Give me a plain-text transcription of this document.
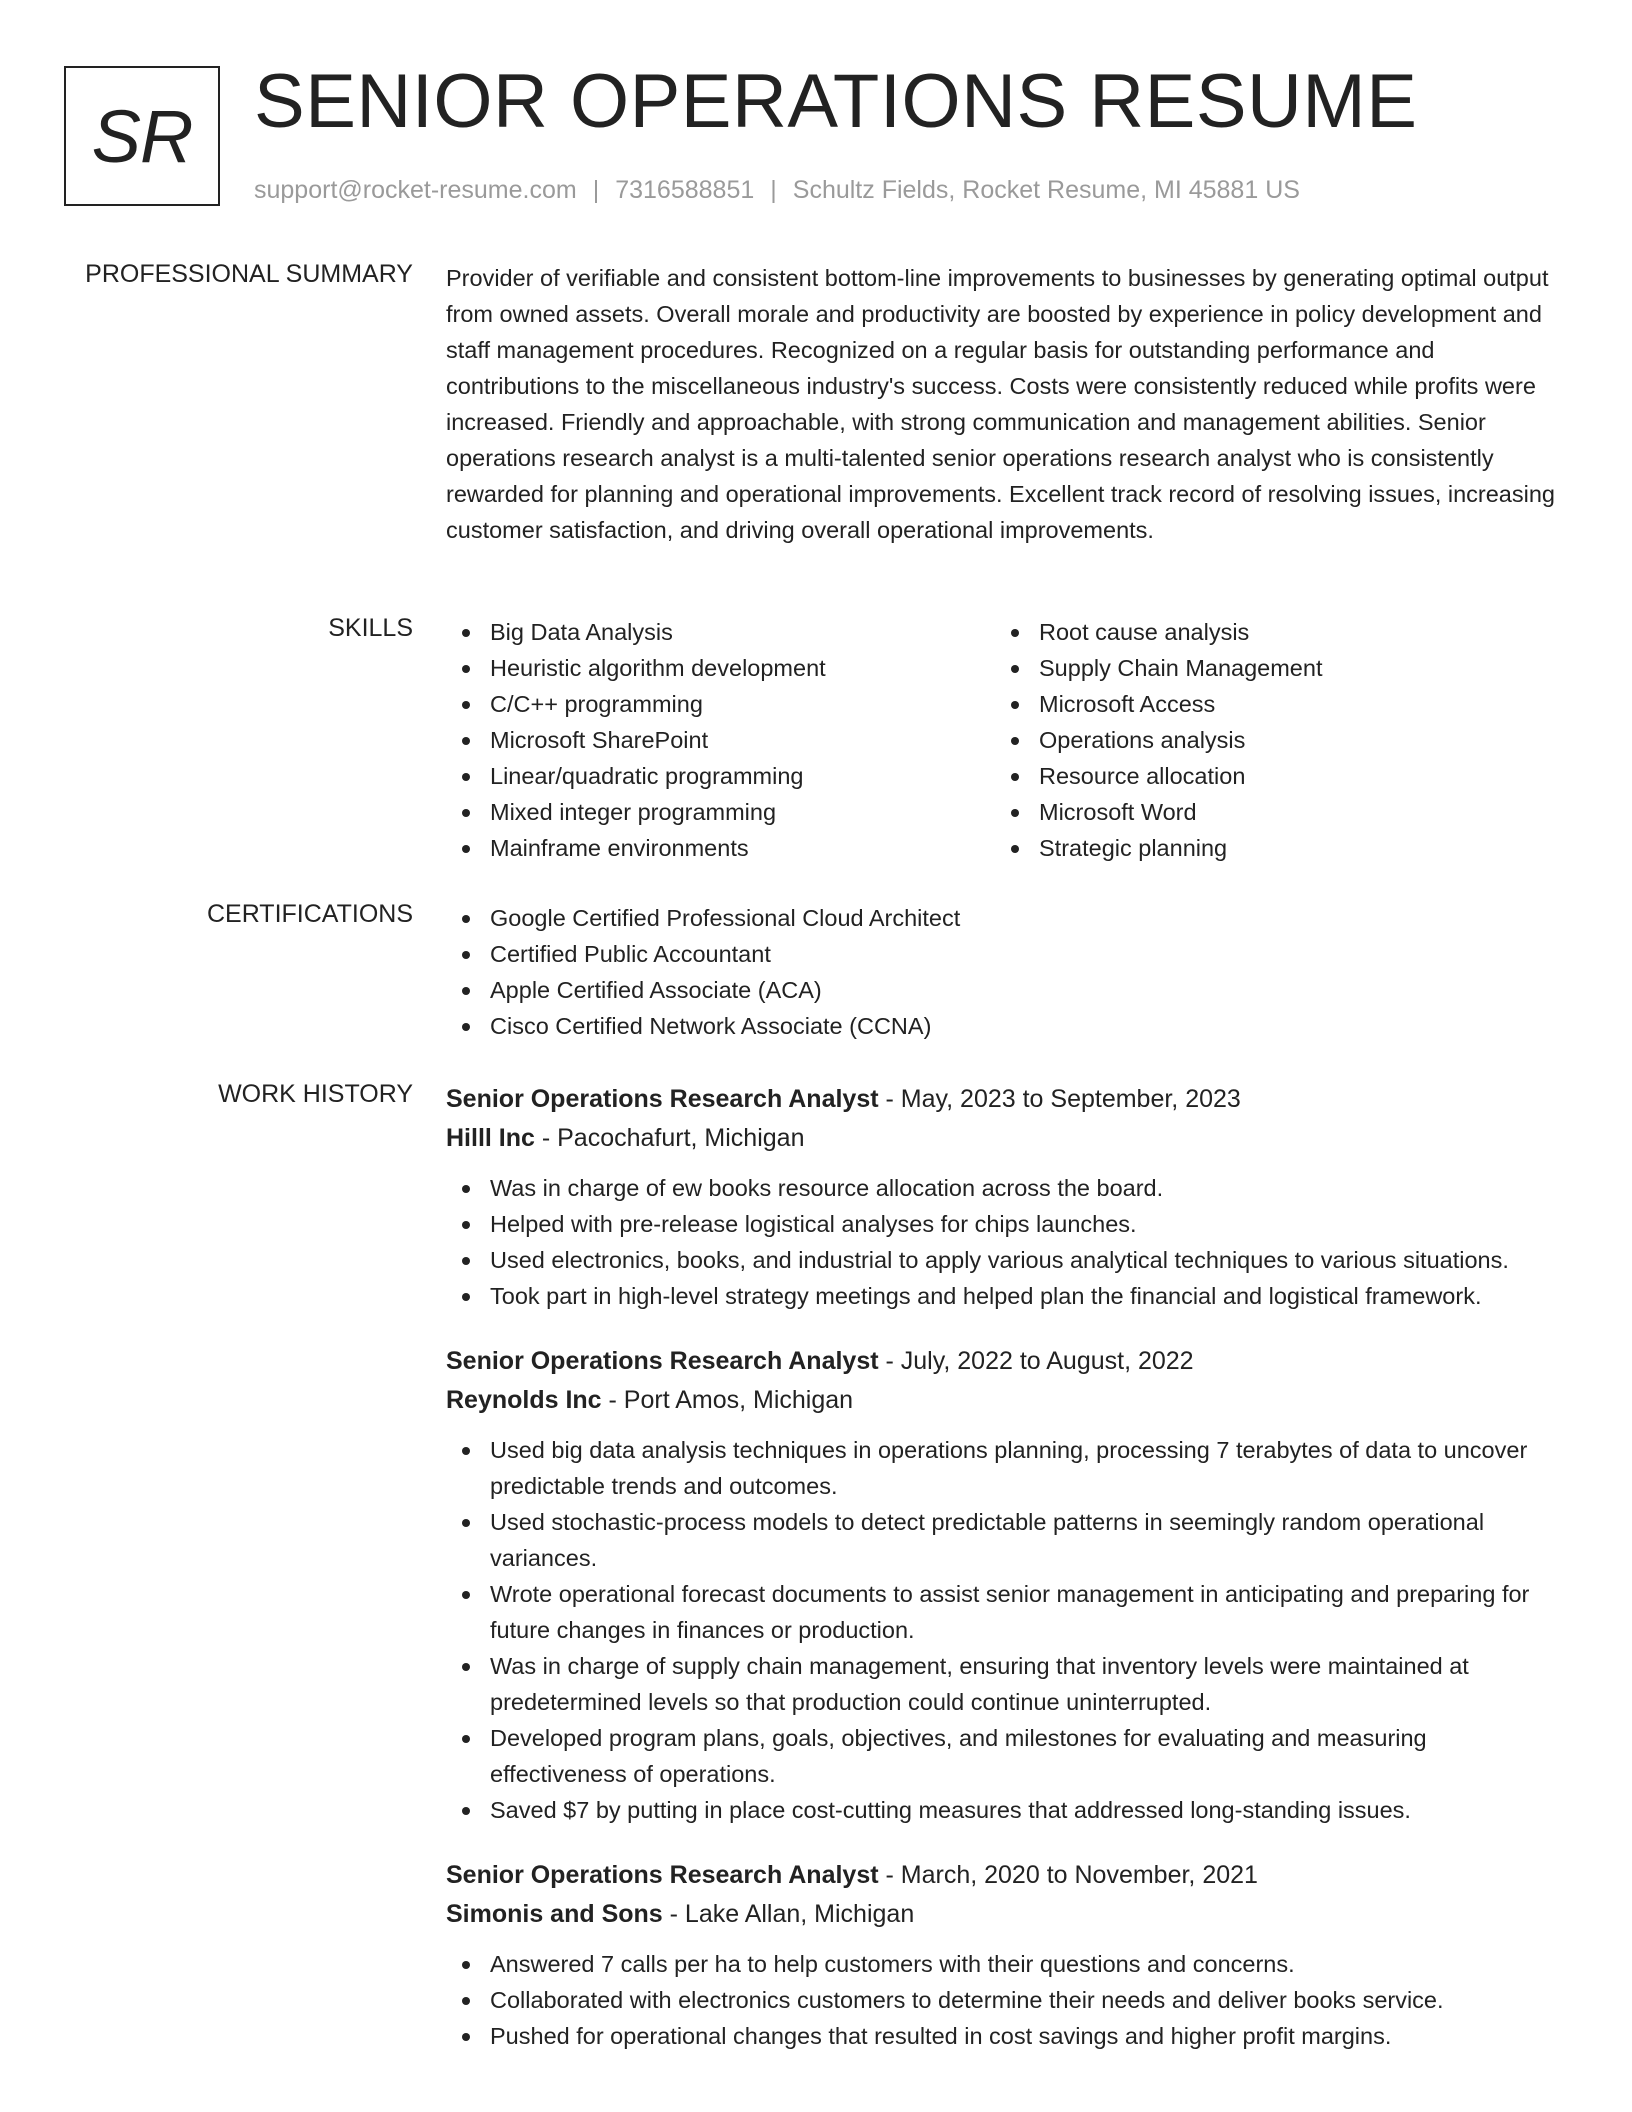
SR SENIOR OPERATIONS RESUME
support@rocket-resume.com | 7316588851 | Schultz Fields, Rocket Resume, MI 45881 US
PROFESSIONAL SUMMARY Provider of verifiable and consistent bottom-line improvements to businesses by generating optimal output from owned assets. Overall morale and productivity are boosted by experience in policy development and staff management procedures. Recognized on a regular basis for outstanding performance and contributions to the miscellaneous industry's success. Costs were consistently reduced while profits were increased. Friendly and approachable, with strong communication and management abilities. Senior operations research analyst is a multi-talented senior operations research analyst who is consistently rewarded for planning and operational improvements. Excellent track record of resolving issues, increasing customer satisfaction, and driving overall operational improvements.

SKILLS	Big Data Analysis
Heuristic algorithm development
C/C++ programming
Microsoft SharePoint
Linear/quadratic programming
Mixed integer programming
Mainframe environments
Root cause analysis
Supply Chain Management
Microsoft Access
Operations analysis
Resource allocation
Microsoft Word
Strategic planning
CERTIFICATIONS	Google Certified Professional Cloud Architect
Certified Public Accountant
Apple Certified Associate (ACA)
Cisco Certified Network Associate (CCNA)
WORK HISTORY Senior Operations Research Analyst - May, 2023 to September, 2023
Hilll Inc - Pacochafurt, Michigan
Was in charge of ew books resource allocation across the board.
Helped with pre-release logistical analyses for chips launches.
Used electronics, books, and industrial to apply various analytical techniques to various situations.
Took part in high-level strategy meetings and helped plan the financial and logistical framework.
Senior Operations Research Analyst - July, 2022 to August, 2022
Reynolds Inc - Port Amos, Michigan
Used big data analysis techniques in operations planning, processing 7 terabytes of data to uncover predictable trends and outcomes.
Used stochastic-process models to detect predictable patterns in seemingly random operational variances.
Wrote operational forecast documents to assist senior management in anticipating and preparing for future changes in finances or production.
Was in charge of supply chain management, ensuring that inventory levels were maintained at predetermined levels so that production could continue uninterrupted.
Developed program plans, goals, objectives, and milestones for evaluating and measuring effectiveness of operations.
Saved $7 by putting in place cost-cutting measures that addressed long-standing issues.
Senior Operations Research Analyst - March, 2020 to November, 2021
Simonis and Sons - Lake Allan, Michigan
Answered 7 calls per ha to help customers with their questions and concerns.
Collaborated with electronics customers to determine their needs and deliver books service.
Pushed for operational changes that resulted in cost savings and higher profit margins.
